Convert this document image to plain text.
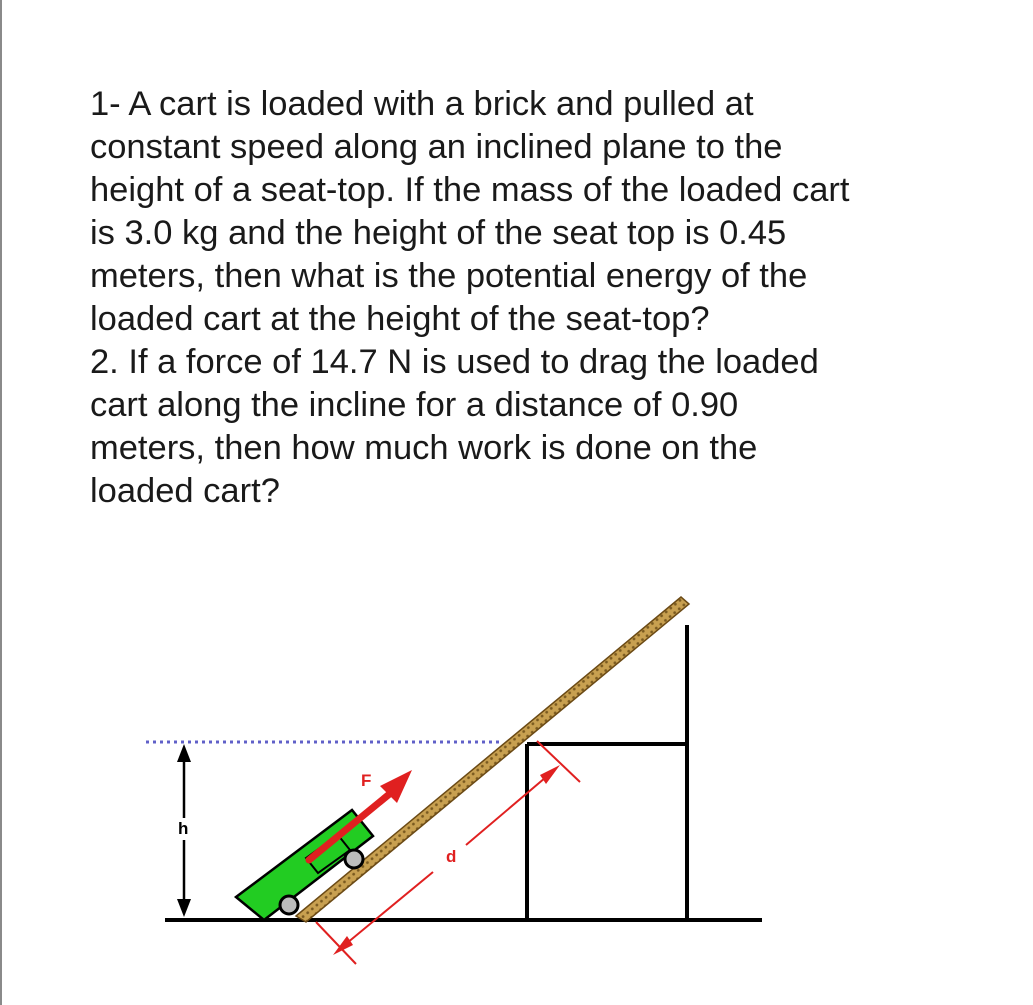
1- A cart is loaded with a brick and pulled at
constant speed along an inclined plane to the
height of a seat-top. If the mass of the loaded cart
is 3.0 kg and the height of the seat top is 0.45
meters, then what is the potential energy of the
loaded cart at the height of the seat-top?
2. If a force of 14.7 N is used to drag the loaded
cart along the incline for a distance of 0.90
meters, then how much work is done on the
loaded cart?
F
h
d
